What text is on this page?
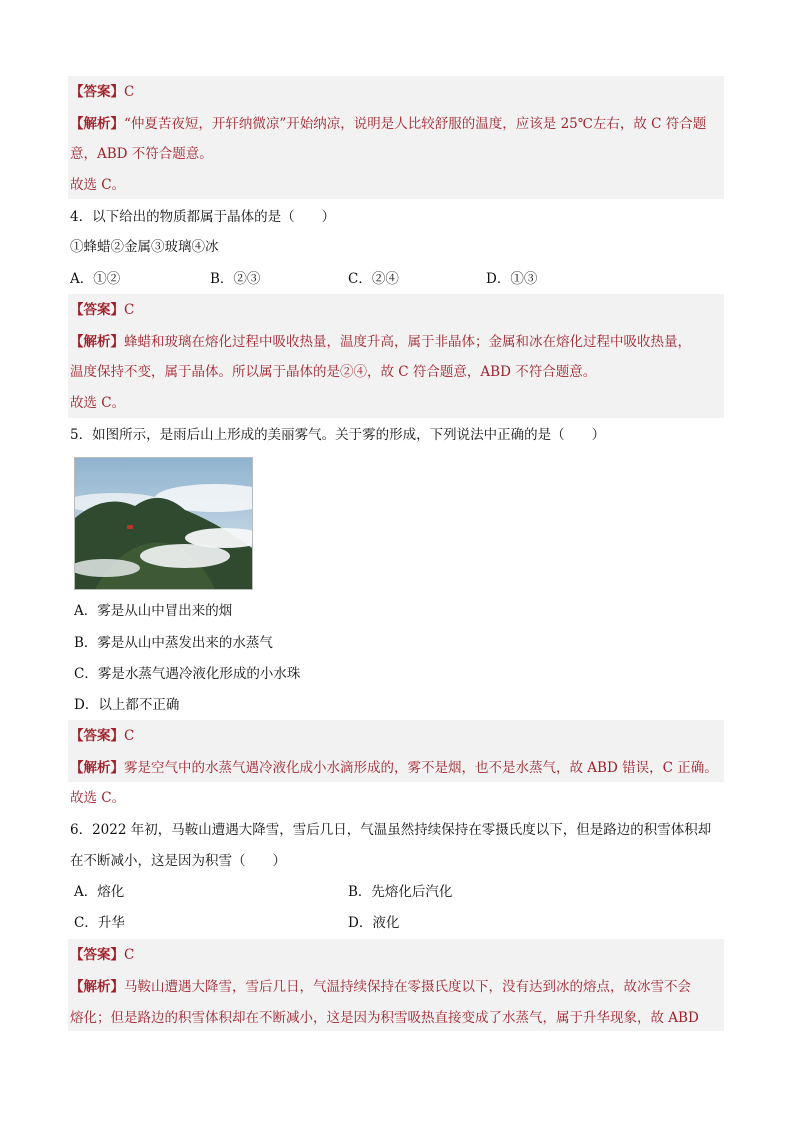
【答案】C
【解析】“仲夏苦夜短，开轩纳微凉”开始纳凉，说明是人比较舒服的温度，应该是 25℃左右，故 C 符合题
意，ABD 不符合题意。
故选 C。
4．以下给出的物质都属于晶体的是（　　）
①蜂蜡②金属③玻璃④冰
A．①②	B．②③	C．②④	D．①③
【答案】C
【解析】蜂蜡和玻璃在熔化过程中吸收热量，温度升高，属于非晶体；金属和冰在熔化过程中吸收热量，
温度保持不变，属于晶体。所以属于晶体的是②④，故 C 符合题意，ABD 不符合题意。
故选 C。
5．如图所示，是雨后山上形成的美丽雾气。关于雾的形成，下列说法中正确的是（　　）
A．雾是从山中冒出来的烟
B．雾是从山中蒸发出来的水蒸气
C．雾是水蒸气遇冷液化形成的小水珠
D．以上都不正确
【答案】C
【解析】雾是空气中的水蒸气遇冷液化成小水滴形成的，雾不是烟，也不是水蒸气，故 ABD 错误，C 正确。
故选 C。
6．2022 年初，马鞍山遭遇大降雪，雪后几日，气温虽然持续保持在零摄氏度以下，但是路边的积雪体积却
在不断减小，这是因为积雪（　　）
A．熔化	B．先熔化后汽化
C．升华	D．液化
【答案】C
【解析】马鞍山遭遇大降雪，雪后几日，气温持续保持在零摄氏度以下，没有达到冰的熔点，故冰雪不会
熔化；但是路边的积雪体积却在不断减小，这是因为积雪吸热直接变成了水蒸气，属于升华现象，故 ABD
